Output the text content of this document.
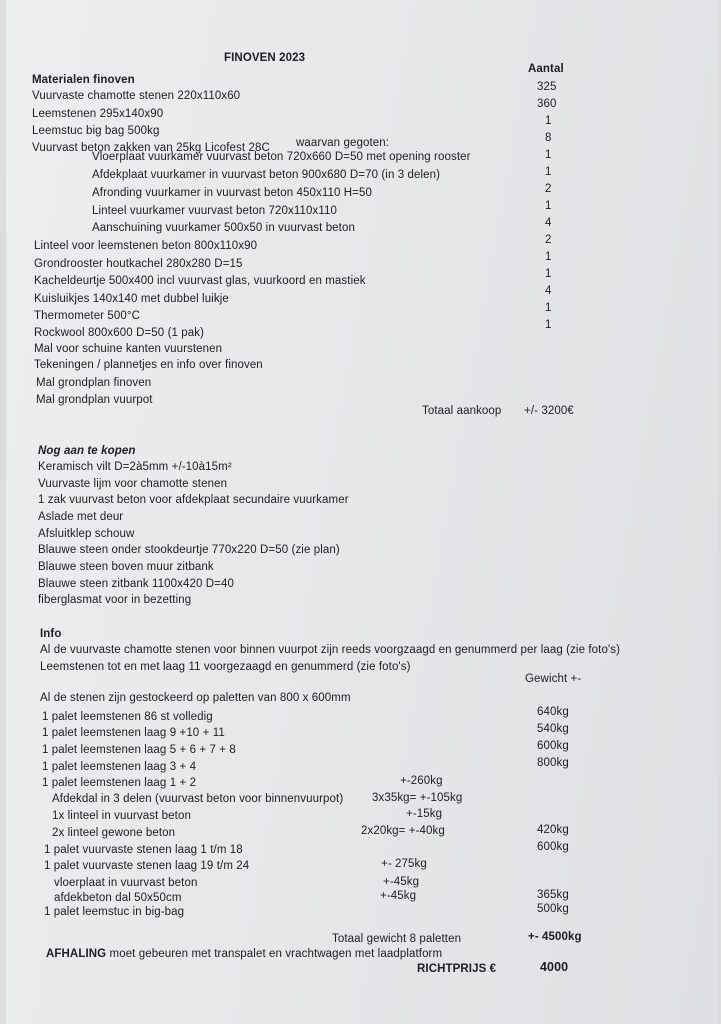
FINOVEN 2023
Materialen finoven
Aantal
Vuurvaste chamotte stenen 220x110x60
Leemstenen 295x140x90
Leemstuc big bag 500kg
Vuurvast beton zakken van 25kg Licofest 28C waarvan gegoten:
Vloerplaat vuurkamer vuurvast beton 720x660 D=50 met opening rooster
Afdekplaat vuurkamer in vuurvast beton 900x680 D=70 (in 3 delen)
Afronding vuurkamer in vuurvast beton 450x110 H=50
Linteel vuurkamer vuurvast beton 720x110x110
Aanschuining vuurkamer 500x50 in vuurvast beton
Linteel voor leemstenen beton 800x110x90
Grondrooster houtkachel 280x280 D=15
Kacheldeurtje 500x400 incl vuurvast glas, vuurkoord en mastiek
Kuisluikjes 140x140 met dubbel luikje
Thermometer 500°C
Rockwool 800x600 D=50 (1 pak)
Mal voor schuine kanten vuurstenen
Tekeningen / plannetjes en info over finoven
Mal grondplan finoven
Mal grondplan vuurpot
325
360
1
8
1
1
2
1
4
2
1
1
4
1
1
Totaal aankoop +/- 3200€
Nog aan te kopen
Keramisch vilt D=2à5mm +/-10à15m²
Vuurvaste lijm voor chamotte stenen
1 zak vuurvast beton voor afdekplaat secundaire vuurkamer
Aslade met deur
Afsluitklep schouw
Blauwe steen onder stookdeurtje 770x220 D=50 (zie plan)
Blauwe steen boven muur zitbank
Blauwe steen zitbank 1100x420 D=40
fiberglasmat voor in bezetting
Info
Al de vuurvaste chamotte stenen voor binnen vuurpot zijn reeds voorgzaagd en genummerd per laag (zie foto's)
Leemstenen tot en met laag 11 voorgezaagd en genummerd (zie foto's)
Gewicht +-
Al de stenen zijn gestockeerd op paletten van 800 x 600mm
1 palet leemstenen 86 st volledig
1 palet leemstenen laag 9 +10 + 11
1 palet leemstenen laag 5 + 6 + 7 + 8
1 palet leemstenen laag 3 + 4
1 palet leemstenen laag 1 + 2
Afdekdal in 3 delen (vuurvast beton voor binnenvuurpot)
1x linteel in vuurvast beton
2x linteel gewone beton
1 palet vuurvaste stenen laag 1 t/m 18
1 palet vuurvaste stenen laag 19 t/m 24
vloerplaat in vuurvast beton
afdekbeton dal 50x50cm
1 palet leemstuc in big-bag
+-260kg
3x35kg= +-105kg
+-15kg
2x20kg= +-40kg
+- 275kg
+-45kg
+-45kg
640kg
540kg
600kg
800kg
420kg
600kg
365kg
500kg
Totaal gewicht 8 paletten	+- 4500kg
AFHALING moet gebeuren met transpalet en vrachtwagen met laadplatform
RICHTPRIJS €	4000
